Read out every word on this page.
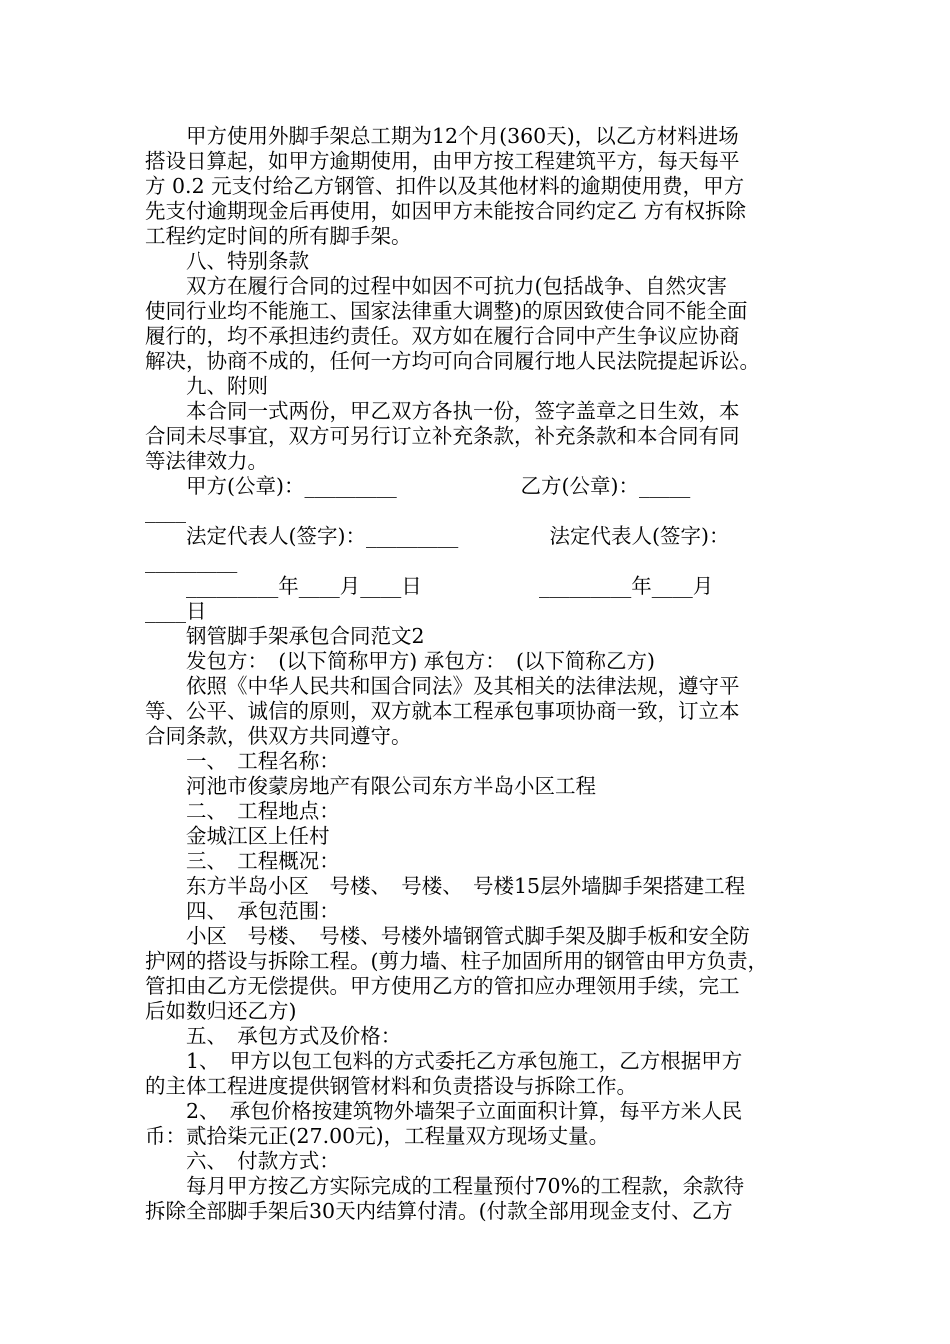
　　甲方使用外脚手架总工期为12个月(360天)，以乙方材料进场
搭设日算起，如甲方逾期使用，由甲方按工程建筑平方，每天每平
方 0.2 元支付给乙方钢管、扣件以及其他材料的逾期使用费，甲方
先支付逾期现金后再使用，如因甲方未能按合同约定乙 方有权拆除
工程约定时间的所有脚手架。
　　八、特别条款
　　双方在履行合同的过程中如因不可抗力(包括战争、自然灾害
使同行业均不能施工、国家法律重大调整)的原因致使合同不能全面
履行的，均不承担违约责任。双方如在履行合同中产生争议应协商
解决，协商不成的，任何一方均可向合同履行地人民法院提起诉讼。
　　九、附则
　　本合同一式两份，甲乙双方各执一份，签字盖章之日生效，本
合同未尽事宜，双方可另行订立补充条款，补充条款和本合同有同
等法律效力。
　　甲方(公章)：_________                   乙方(公章)：_____
____
　　法定代表人(签字)：_________              法定代表人(签字)：
_________
　　_________年____月____日                  _________年____月
____日
　　钢管脚手架承包合同范文2
　　发包方：　(以下简称甲方) 承包方：　(以下简称乙方)
　　依照《中华人民共和国合同法》及其相关的法律法规，遵守平
等、公平、诚信的原则，双方就本工程承包事项协商一致，订立本
合同条款，供双方共同遵守。
　　一、　工程名称：
　　河池市俊蒙房地产有限公司东方半岛小区工程
　　二、　工程地点：
　　金城江区上任村
　　三、　工程概况：
　　东方半岛小区　号楼、　号楼、　号楼15层外墙脚手架搭建工程
　　四、　承包范围：
　　小区　号楼、　号楼、号楼外墙钢管式脚手架及脚手板和安全防
护网的搭设与拆除工程。(剪力墙、柱子加固所用的钢管由甲方负责，
管扣由乙方无偿提供。甲方使用乙方的管扣应办理领用手续，完工
后如数归还乙方)
　　五、　承包方式及价格：
　　1、　甲方以包工包料的方式委托乙方承包施工，乙方根据甲方
的主体工程进度提供钢管材料和负责搭设与拆除工作。
　　2、　承包价格按建筑物外墙架子立面面积计算，每平方米人民
币：贰拾柒元正(27.00元)，工程量双方现场丈量。
　　六、　付款方式：
　　每月甲方按乙方实际完成的工程量预付70%的工程款，余款待
拆除全部脚手架后30天内结算付清。(付款全部用现金支付、乙方
